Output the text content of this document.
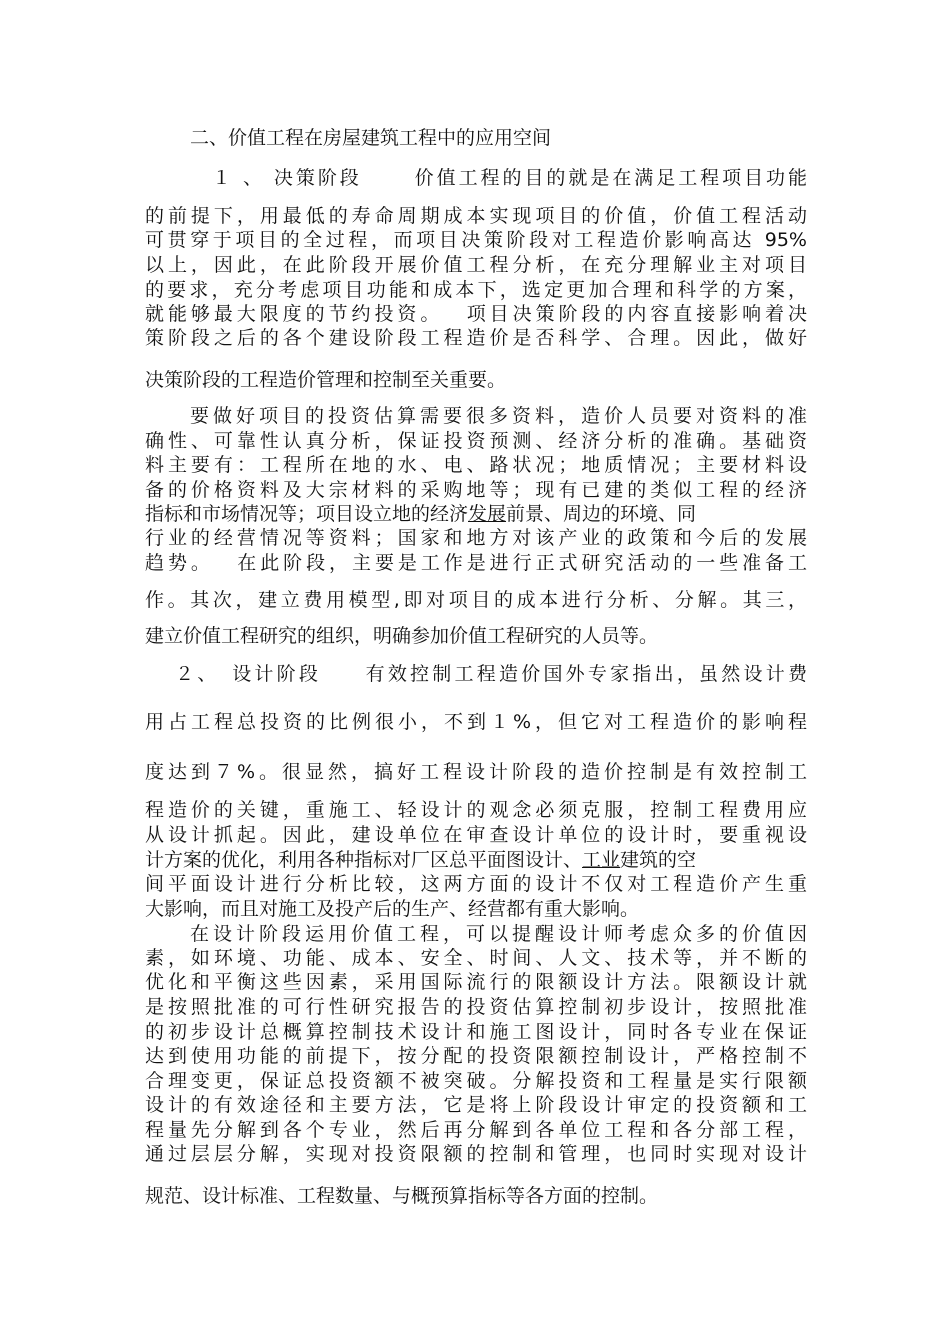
二、价值工程在房屋建筑工程中的应用空间
１ 、 决策阶段 　　价值工程的目的就是在满足工程项目功能
的前提下，用最低的寿命周期成本实现项目的价值，价值工程活动
可贯穿于项目的全过程，而项目决策阶段对工程造价影响高达 95%
以上，因此，在此阶段开展价值工程分析，在充分理解业主对项目
的要求，充分考虑项目功能和成本下，选定更加合理和科学的方案，
就能够最大限度的节约投资。　 项目决策阶段的内容直接影响着决
策阶段之后的各个建设阶段工程造价是否科学、合理。因此，做好
决策阶段的工程造价管理和控制至关重要。
要做好项目的投资估算需要很多资料，造价人员要对资料的准
确性、可靠性认真分析，保证投资预测、经济分析的准确。基础资
料主要有：工程所在地的水、电、路状况；地质情况；主要材料设
备的价格资料及大宗材料的采购地等；现有已建的类似工程的经济
指标和市场情况等；项目设立地的经济发展前景、周边的环境、同
行业的经营情况等资料；国家和地方对该产业的政策和今后的发展
趋势。　 在此阶段，主要是工作是进行正式研究活动的一些准备工
作。其次，建立费用模型,即对项目的成本进行分析、分解。其三，
建立价值工程研究的组织，明确参加价值工程研究的人员等。
２、　设计阶段　　有效控制工程造价国外专家指出，虽然设计费
用占工程总投资的比例很小，不到１%，但它对工程造价的影响程
度达到７%。很显然，搞好工程设计阶段的造价控制是有效控制工
程造价的关键，重施工、轻设计的观念必须克服，控制工程费用应
从设计抓起。因此，建设单位在审查设计单位的设计时，要重视设
计方案的优化，利用各种指标对厂区总平面图设计、工业建筑的空
间平面设计进行分析比较，这两方面的设计不仅对工程造价产生重
大影响，而且对施工及投产后的生产、经营都有重大影响。
在设计阶段运用价值工程，可以提醒设计师考虑众多的价值因
素，如环境、功能、成本、安全、时间、人文、技术等，并不断的
优化和平衡这些因素，采用国际流行的限额设计方法。限额设计就
是按照批准的可行性研究报告的投资估算控制初步设计，按照批准
的初步设计总概算控制技术设计和施工图设计，同时各专业在保证
达到使用功能的前提下，按分配的投资限额控制设计，严格控制不
合理变更，保证总投资额不被突破。分解投资和工程量是实行限额
设计的有效途径和主要方法，它是将上阶段设计审定的投资额和工
程量先分解到各个专业，然后再分解到各单位工程和各分部工程，
通过层层分解，实现对投资限额的控制和管理，也同时实现对设计
规范、设计标准、工程数量、与概预算指标等各方面的控制。
